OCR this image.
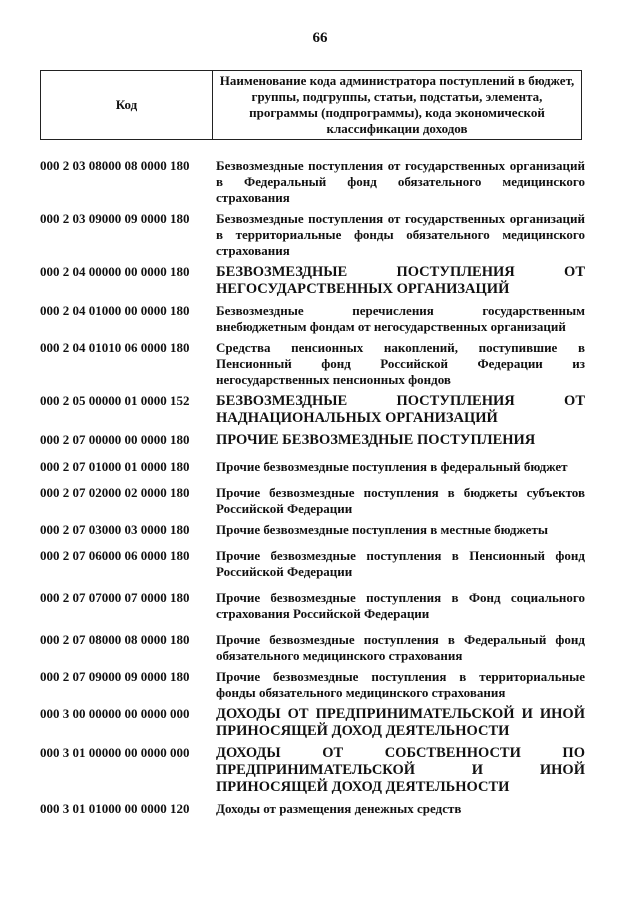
66
Код	Наименование кода администратора поступлений в бюджет, группы, подгруппы, статьи, подстатьи, элемента, программы (подпрограммы), кода экономической классификации доходов
000 2 03 08000 08 0000 180	Безвозмездные поступления от государственных организаций в Федеральный фонд обязательного медицинского страхования
000 2 03 09000 09 0000 180	Безвозмездные поступления от государственных организаций в территориальные фонды обязательного медицинского страхования
000 2 04 00000 00 0000 180	БЕЗВОЗМЕЗДНЫЕ ПОСТУПЛЕНИЯ ОТ НЕГОСУДАРСТВЕННЫХ ОРГАНИЗАЦИЙ
000 2 04 01000 00 0000 180	Безвозмездные перечисления государственным внебюджетным фондам от негосударственных организаций
000 2 04 01010 06 0000 180	Средства пенсионных накоплений, поступившие в Пенсионный фонд Российской Федерации из негосударственных пенсионных фондов
000 2 05 00000 01 0000 152	БЕЗВОЗМЕЗДНЫЕ ПОСТУПЛЕНИЯ ОТ НАДНАЦИОНАЛЬНЫХ ОРГАНИЗАЦИЙ
000 2 07 00000 00 0000 180	ПРОЧИЕ БЕЗВОЗМЕЗДНЫЕ ПОСТУПЛЕНИЯ
000 2 07 01000 01 0000 180	Прочие безвозмездные поступления в федеральный бюджет
000 2 07 02000 02 0000 180	Прочие безвозмездные поступления в бюджеты субъектов Российской Федерации
000 2 07 03000 03 0000 180	Прочие безвозмездные поступления в местные бюджеты
000 2 07 06000 06 0000 180	Прочие безвозмездные поступления в Пенсионный фонд Российской Федерации
000 2 07 07000 07 0000 180	Прочие безвозмездные поступления в Фонд социального страхования Российской Федерации
000 2 07 08000 08 0000 180	Прочие безвозмездные поступления в Федеральный фонд обязательного медицинского страхования
000 2 07 09000 09 0000 180	Прочие безвозмездные поступления в территориальные фонды обязательного медицинского страхования
000 3 00 00000 00 0000 000	ДОХОДЫ ОТ ПРЕДПРИНИМАТЕЛЬСКОЙ И ИНОЙ ПРИНОСЯЩЕЙ ДОХОД ДЕЯТЕЛЬНОСТИ
000 3 01 00000 00 0000 000	ДОХОДЫ ОТ СОБСТВЕННОСТИ ПО ПРЕДПРИНИМАТЕЛЬСКОЙ И ИНОЙ ПРИНОСЯЩЕЙ ДОХОД ДЕЯТЕЛЬНОСТИ
000 3 01 01000 00 0000 120	Доходы от размещения денежных средств
